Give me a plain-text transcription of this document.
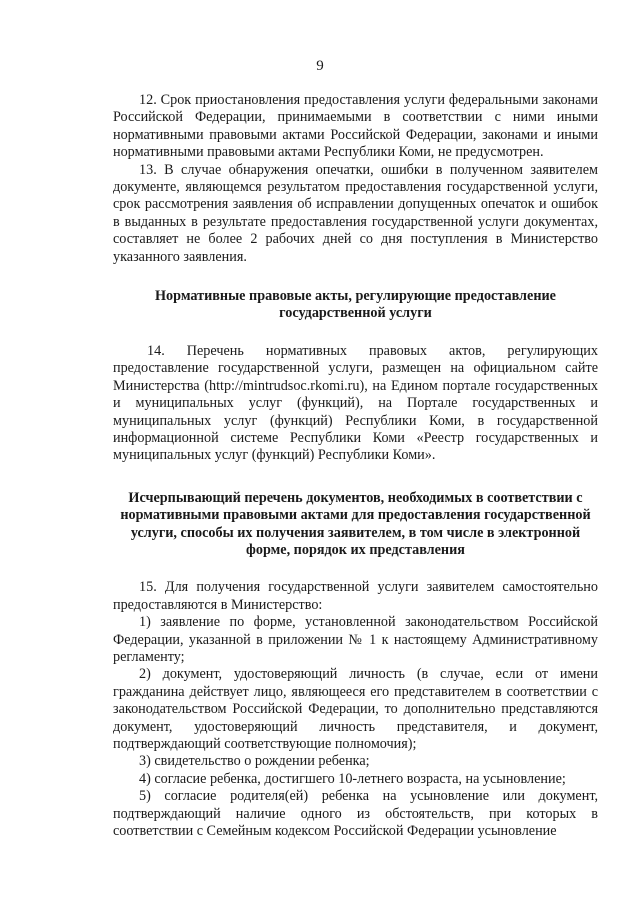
9

12. Срок приостановления предоставления услуги федеральными законами Российской Федерации, принимаемыми в соответствии с ними иными нормативными правовыми актами Российской Федерации, законами и иными нормативными правовыми актами Республики Коми, не предусмотрен.

13. В случае обнаружения опечатки, ошибки в полученном заявителем документе, являющемся результатом предоставления государственной услуги, срок рассмотрения заявления об исправлении допущенных опечаток и ошибок в выданных в результате предоставления государственной услуги документах, составляет не более 2 рабочих дней со дня поступления в Министерство указанного заявления.

Нормативные правовые акты, регулирующие предоставление государственной услуги

14. Перечень нормативных правовых актов, регулирующих предоставление государственной услуги, размещен на официальном сайте Министерства (http://mintrudsoc.rkomi.ru), на Едином портале государственных и муниципальных услуг (функций), на Портале государственных и муниципальных услуг (функций) Республики Коми, в государственной информационной системе Республики Коми «Реестр государственных и муниципальных услуг (функций) Республики Коми».

Исчерпывающий перечень документов, необходимых в соответствии с нормативными правовыми актами для предоставления государственной услуги, способы их получения заявителем, в том числе в электронной форме, порядок их представления

15. Для получения государственной услуги заявителем самостоятельно предоставляются в Министерство:

1) заявление по форме, установленной законодательством Российской Федерации, указанной в приложении № 1 к настоящему Административному регламенту;

2) документ, удостоверяющий личность (в случае, если от имени гражданина действует лицо, являющееся его представителем в соответствии с законодательством Российской Федерации, то дополнительно представляются документ, удостоверяющий личность представителя, и документ, подтверждающий соответствующие полномочия);

3) свидетельство о рождении ребенка;

4) согласие ребенка, достигшего 10-летнего возраста, на усыновление;

5) согласие родителя(ей) ребенка на усыновление или документ, подтверждающий наличие одного из обстоятельств, при которых в соответствии с Семейным кодексом Российской Федерации усыновление
